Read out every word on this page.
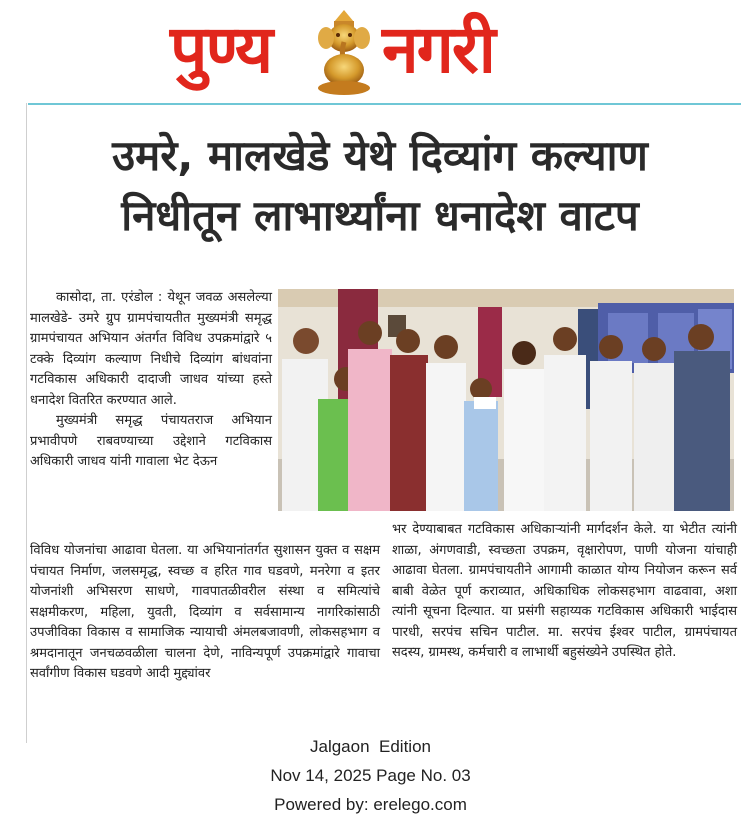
पुण्य नगरी
उमरे, मालखेडे येथे दिव्यांग कल्याण
निधीतून लाभार्थ्यांना धनादेश वाटप

कासोदा, ता. एरंडोल : येथून जवळ असलेल्या मालखेडे- उमरे ग्रुप ग्रामपंचायतीत मुख्यमंत्री समृद्ध ग्रामपंचायत अभियान अंतर्गत विविध उपक्रमांद्वारे ५ टक्के दिव्यांग कल्याण निधीचे दिव्यांग बांधवांना गटविकास अधिकारी दादाजी जाधव यांच्या हस्ते धनादेश वितरित करण्यात आले.

मुख्यमंत्री समृद्ध पंचायतराज अभियान प्रभावीपणे राबवण्याच्या उद्देशाने गटविकास अधिकारी जाधव यांनी गावाला भेट देऊन

विविध योजनांचा आढावा घेतला. या अभियानांतर्गत सुशासन युक्त व सक्षम पंचायत निर्माण, जलसमृद्ध, स्वच्छ व हरित गाव घडवणे, मनरेगा व इतर योजनांशी अभिसरण साधणे, गावपातळीवरील संस्था व समित्यांचे सक्षमीकरण, महिला, युवती, दिव्यांग व सर्वसामान्य नागरिकांसाठी उपजीविका विकास व सामाजिक न्यायाची अंमलबजावणी, लोकसहभाग व श्रमदानातून जनचळवळीला चालना देणे, नाविन्यपूर्ण उपक्रमांद्वारे गावाचा सर्वांगीण विकास घडवणे आदी मुद्द्यांवर

भर देण्याबाबत गटविकास अधिकाऱ्यांनी मार्गदर्शन केले. या भेटीत त्यांनी शाळा, अंगणवाडी, स्वच्छता उपक्रम, वृक्षारोपण, पाणी योजना यांचाही आढावा घेतला. ग्रामपंचायतीने आगामी काळात योग्य नियोजन करून सर्व बाबी वेळेत पूर्ण कराव्यात, अधिकाधिक लोकसहभाग वाढवावा, अशा त्यांनी सूचना दिल्यात. या प्रसंगी सहाय्यक गटविकास अधिकारी भाईदास पारधी, सरपंच सचिन पाटील. मा. सरपंच ईश्वर पाटील, ग्रामपंचायत सदस्य, ग्रामस्थ, कर्मचारी व लाभार्थी बहुसंख्येने उपस्थित होते.

Jalgaon  Edition
Nov 14, 2025 Page No. 03
Powered by: erelego.com
